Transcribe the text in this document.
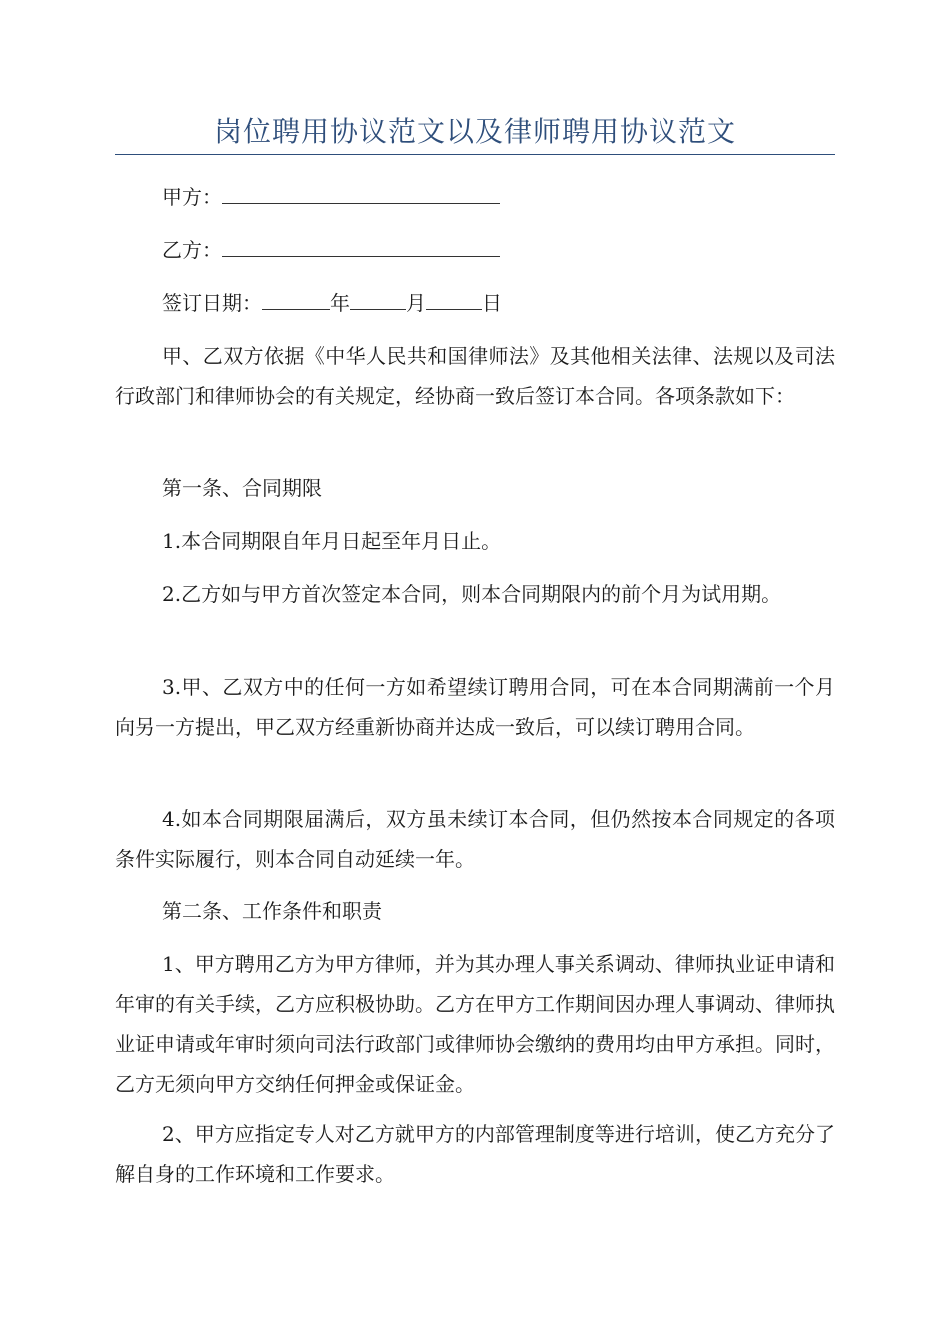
岗位聘用协议范文以及律师聘用协议范文
甲方：
乙方：
签订日期：	年	月	日
甲、乙双方依据《中华人民共和国律师法》及其他相关法律、法规以及司法行政部门和律师协会的有关规定，经协商一致后签订本合同。各项条款如下：
第一条、合同期限
1.本合同期限自年月日起至年月日止。
2.乙方如与甲方首次签定本合同，则本合同期限内的前个月为试用期。
3.甲、乙双方中的任何一方如希望续订聘用合同，可在本合同期满前一个月向另一方提出，甲乙双方经重新协商并达成一致后，可以续订聘用合同。
4.如本合同期限届满后，双方虽未续订本合同，但仍然按本合同规定的各项条件实际履行，则本合同自动延续一年。
第二条、工作条件和职责
1、甲方聘用乙方为甲方律师，并为其办理人事关系调动、律师执业证申请和年审的有关手续，乙方应积极协助。乙方在甲方工作期间因办理人事调动、律师执业证申请或年审时须向司法行政部门或律师协会缴纳的费用均由甲方承担。同时，乙方无须向甲方交纳任何押金或保证金。
2、甲方应指定专人对乙方就甲方的内部管理制度等进行培训，使乙方充分了解自身的工作环境和工作要求。
